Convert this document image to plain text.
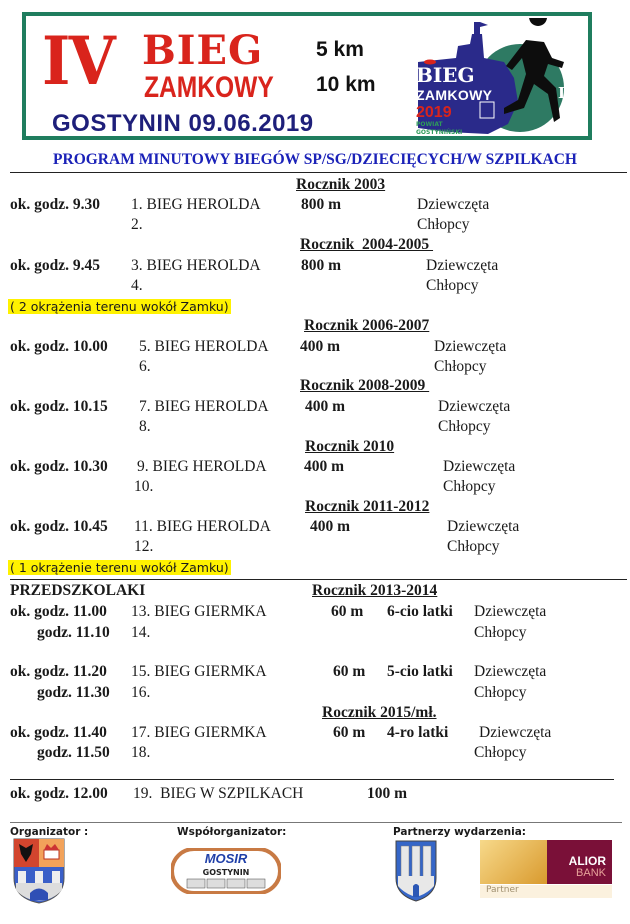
IV BIEG
ZAMKOWY
5 km
10 km
GOSTYNIN 09.06.2019
BIEG
ZAMKOWY
2019
POWIAT
GOSTYNIŃSKI
IV
PROGRAM MINUTOWY BIEGÓW SP/SG/DZIECIĘCYCH/W SZPILKACH
Rocznik 2003
ok. godz. 9.30 1. BIEG HEROLDA	800 m	Dziewczęta
2.	Chłopcy
Rocznik  2004-2005
ok. godz. 9.45 3. BIEG HEROLDA	800 m	Dziewczęta
4.	Chłopcy
( 2 okrążenia terenu wokół Zamku)
Rocznik 2006-2007
ok. godz. 10.00 5. BIEG HEROLDA 400 m	Dziewczęta
6.	Chłopcy
Rocznik 2008-2009
ok. godz. 10.15 7. BIEG HEROLDA 400 m	Dziewczęta
8.	Chłopcy
Rocznik 2010
ok. godz. 10.30 9. BIEG HEROLDA 400 m	Dziewczęta
10.	Chłopcy
Rocznik 2011-2012
ok. godz. 10.45 11. BIEG HEROLDA	400 m	Dziewczęta
12.	Chłopcy
( 1 okrążenie terenu wokół Zamku)
PRZEDSZKOLAKI	Rocznik 2013-2014
ok. godz. 11.00 13. BIEG GIERMKA	60 m 6-cio latki Dziewczęta
godz. 11.10 14.	Chłopcy
ok. godz. 11.20 15. BIEG GIERMKA	60 m 5-cio latki Dziewczęta
godz. 11.30 16.	Chłopcy
Rocznik 2015/mł.
ok. godz. 11.40 17. BIEG GIERMKA	60 m 4-ro latki Dziewczęta
godz. 11.50 18.	Chłopcy
ok. godz. 12.00 19.  BIEG W SZPILKACH	100 m
Organizator :	Współorganizator:	Partnerzy wydarzenia:
MOSIR
GOSTYNIN
ALIOR
BANK
Partner
